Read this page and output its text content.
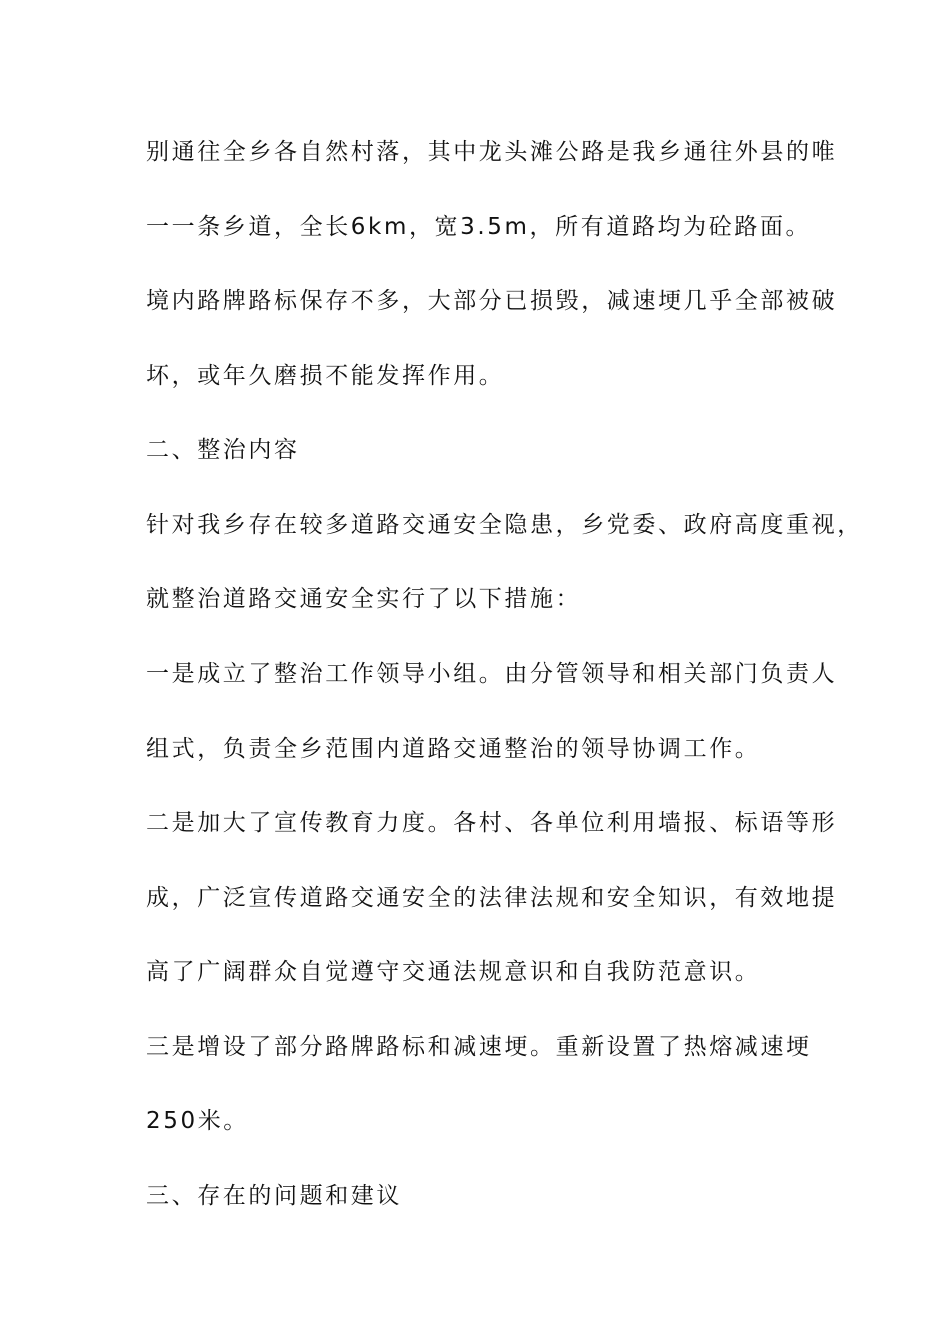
别通往全乡各自然村落，其中龙头滩公路是我乡通往外县的唯

一一条乡道，全长6km，宽3.5m，所有道路均为砼路面。

境内路牌路标保存不多，大部分已损毁，减速埂几乎全部被破

坏，或年久磨损不能发挥作用。

二、整治内容

针对我乡存在较多道路交通安全隐患，乡党委、政府高度重视，

就整治道路交通安全实行了以下措施：

一是成立了整治工作领导小组。由分管领导和相关部门负责人

组式，负责全乡范围内道路交通整治的领导协调工作。

二是加大了宣传教育力度。各村、各单位利用墙报、标语等形

成，广泛宣传道路交通安全的法律法规和安全知识，有效地提

高了广阔群众自觉遵守交通法规意识和自我防范意识。

三是增设了部分路牌路标和减速埂。重新设置了热熔减速埂

250米。

三、存在的问题和建议
